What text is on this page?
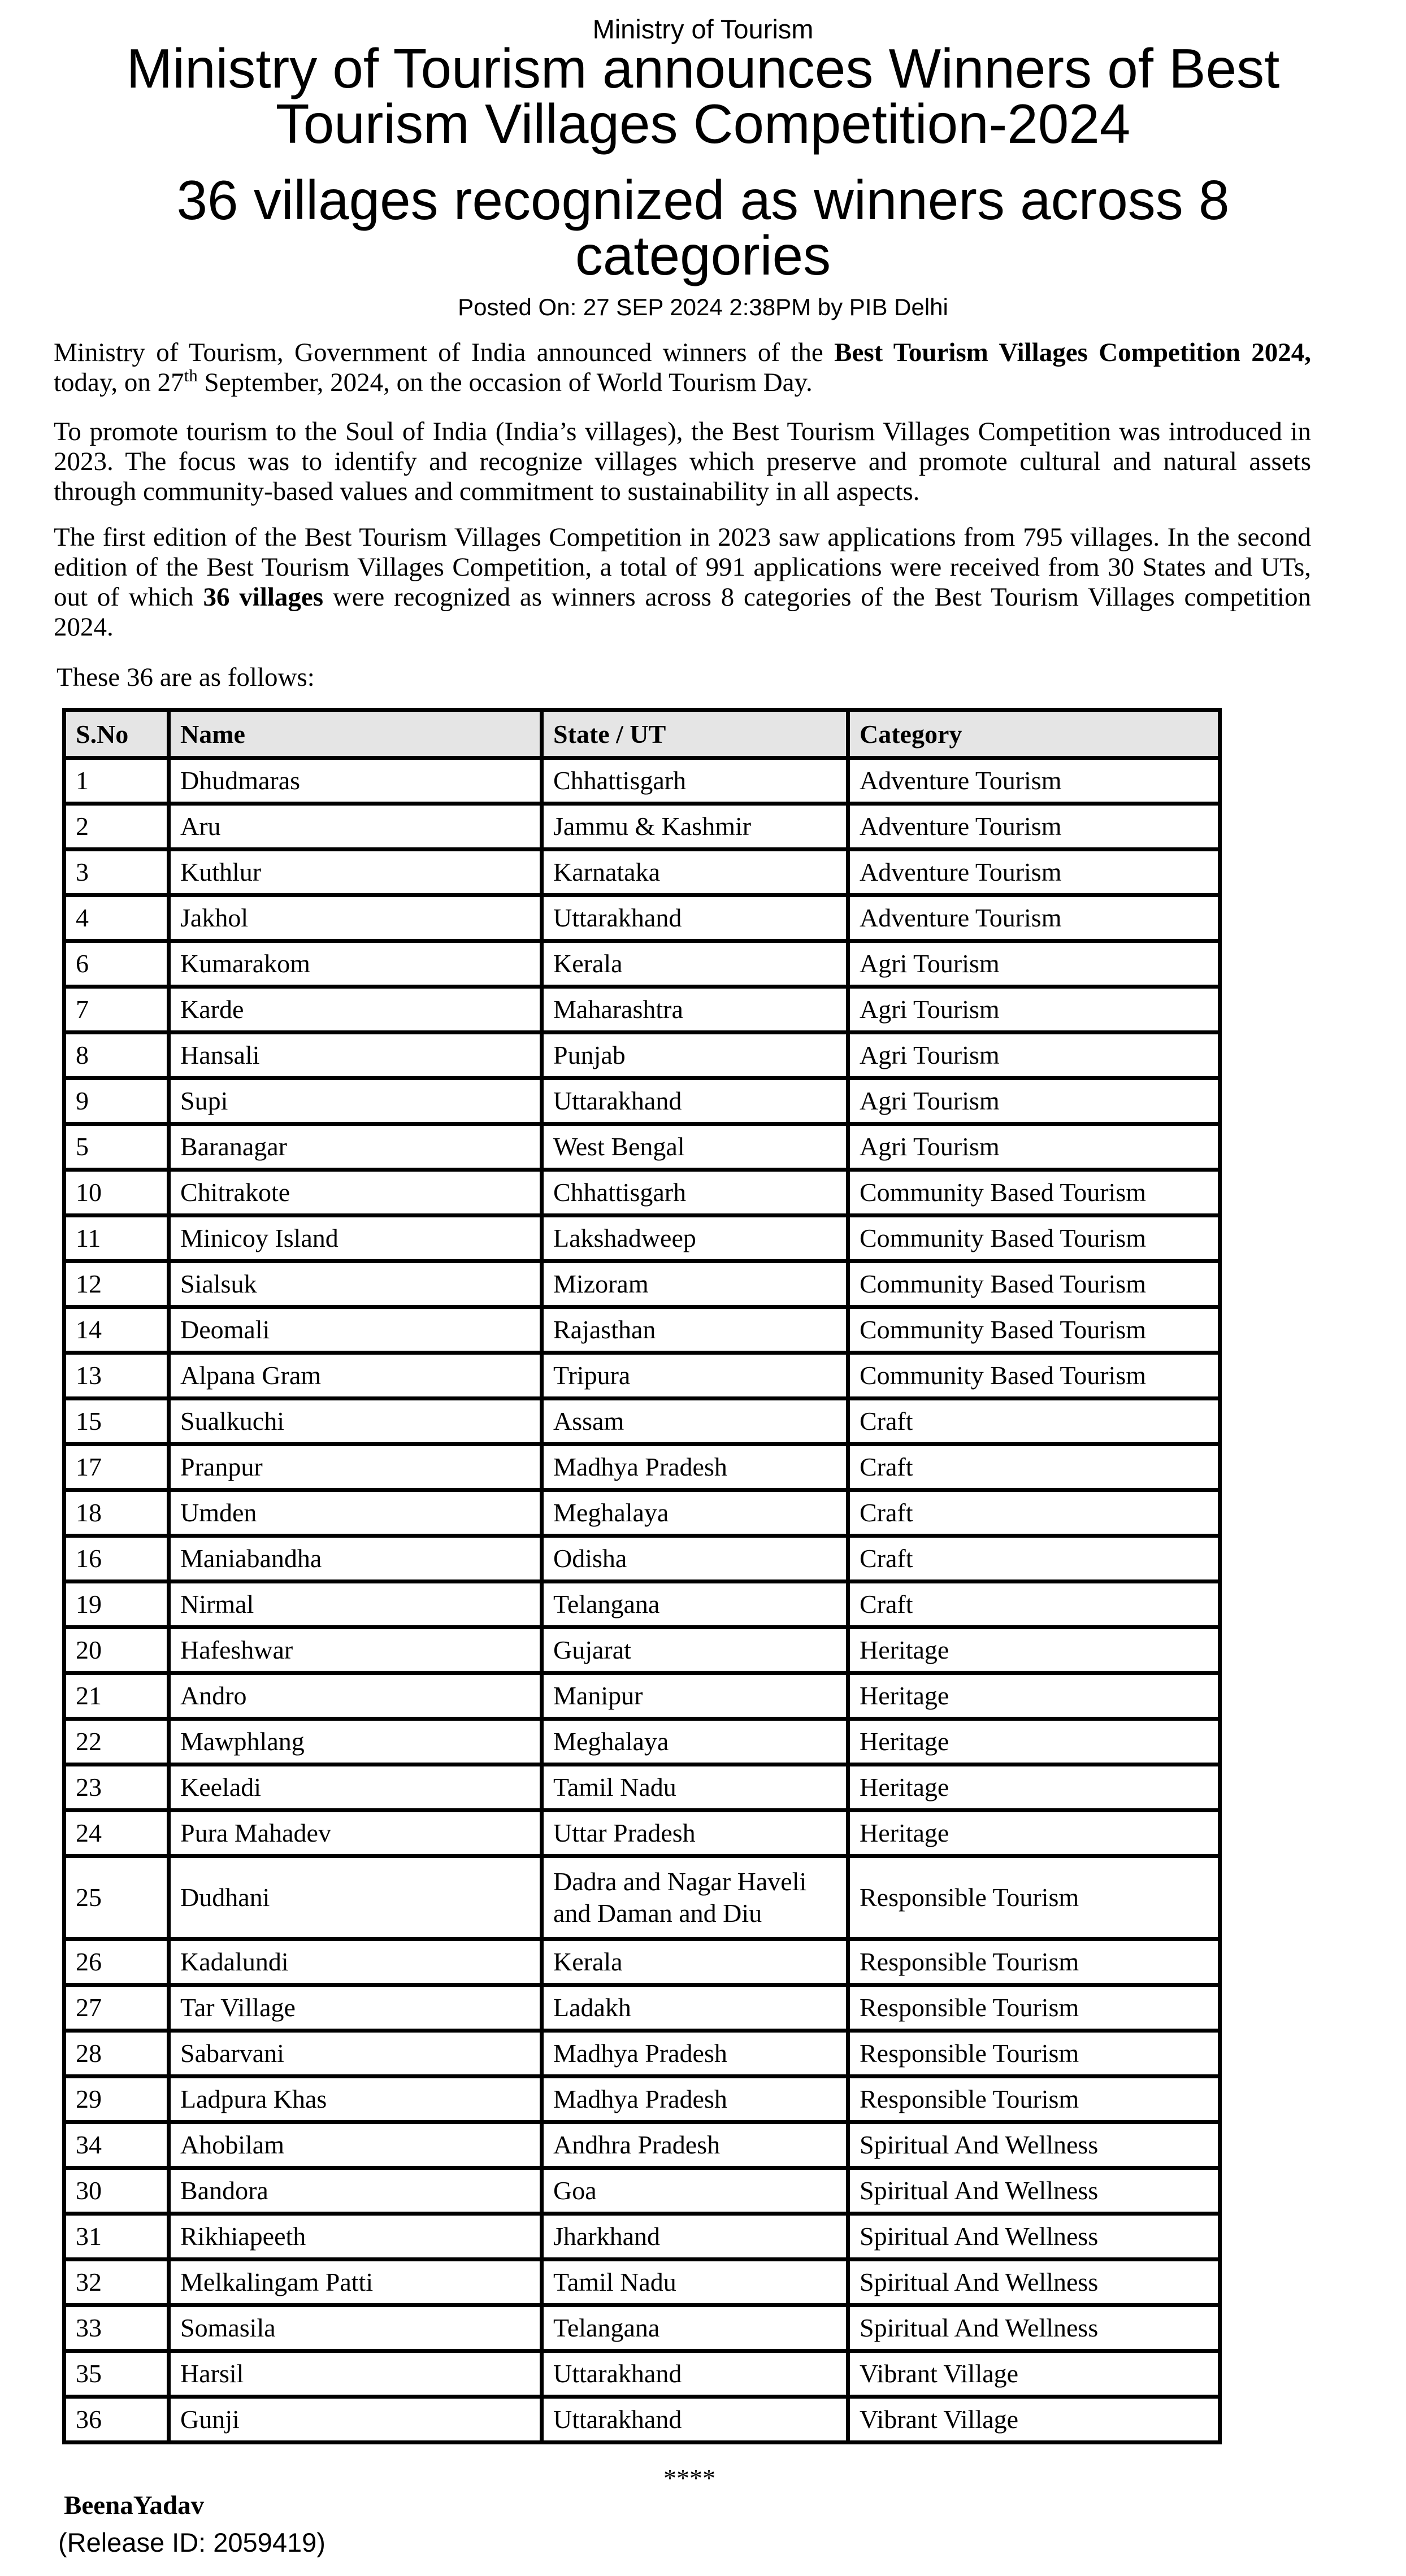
Ministry of Tourism
Ministry of Tourism announces Winners of Best Tourism Villages Competition-2024
36 villages recognized as winners across 8 categories
Posted On: 27 SEP 2024 2:38PM by PIB Delhi
Ministry of Tourism, Government of India announced winners of the Best Tourism Villages Competition 2024, today, on 27th September, 2024, on the occasion of World Tourism Day.
To promote tourism to the Soul of India (India’s villages), the Best Tourism Villages Competition was introduced in 2023. The focus was to identify and recognize villages which preserve and promote cultural and natural assets through community-based values and commitment to sustainability in all aspects.
The first edition of the Best Tourism Villages Competition in 2023 saw applications from 795 villages. In the second edition of the Best Tourism Villages Competition, a total of 991 applications were received from 30 States and UTs, out of which 36 villages were recognized as winners across 8 categories of the Best Tourism Villages competition 2024.
These 36 are as follows:
S.No	Name	State / UT	Category
1	Dhudmaras	Chhattisgarh	Adventure Tourism
2	Aru	Jammu & Kashmir	Adventure Tourism
3	Kuthlur	Karnataka	Adventure Tourism
4	Jakhol	Uttarakhand	Adventure Tourism
6	Kumarakom	Kerala	Agri Tourism
7	Karde	Maharashtra	Agri Tourism
8	Hansali	Punjab	Agri Tourism
9	Supi	Uttarakhand	Agri Tourism
5	Baranagar	West Bengal	Agri Tourism
10	Chitrakote	Chhattisgarh	Community Based Tourism
11	Minicoy Island	Lakshadweep	Community Based Tourism
12	Sialsuk	Mizoram	Community Based Tourism
14	Deomali	Rajasthan	Community Based Tourism
13	Alpana Gram	Tripura	Community Based Tourism
15	Sualkuchi	Assam	Craft
17	Pranpur	Madhya Pradesh	Craft
18	Umden	Meghalaya	Craft
16	Maniabandha	Odisha	Craft
19	Nirmal	Telangana	Craft
20	Hafeshwar	Gujarat	Heritage
21	Andro	Manipur	Heritage
22	Mawphlang	Meghalaya	Heritage
23	Keeladi	Tamil Nadu	Heritage
24	Pura Mahadev	Uttar Pradesh	Heritage
25	Dudhani	Dadra and Nagar Haveli and Daman and Diu	Responsible Tourism
26	Kadalundi	Kerala	Responsible Tourism
27	Tar Village	Ladakh	Responsible Tourism
28	Sabarvani	Madhya Pradesh	Responsible Tourism
29	Ladpura Khas	Madhya Pradesh	Responsible Tourism
34	Ahobilam	Andhra Pradesh	Spiritual And Wellness
30	Bandora	Goa	Spiritual And Wellness
31	Rikhiapeeth	Jharkhand	Spiritual And Wellness
32	Melkalingam Patti	Tamil Nadu	Spiritual And Wellness
33	Somasila	Telangana	Spiritual And Wellness
35	Harsil	Uttarakhand	Vibrant Village
36	Gunji	Uttarakhand	Vibrant Village
****
BeenaYadav
(Release ID: 2059419)
